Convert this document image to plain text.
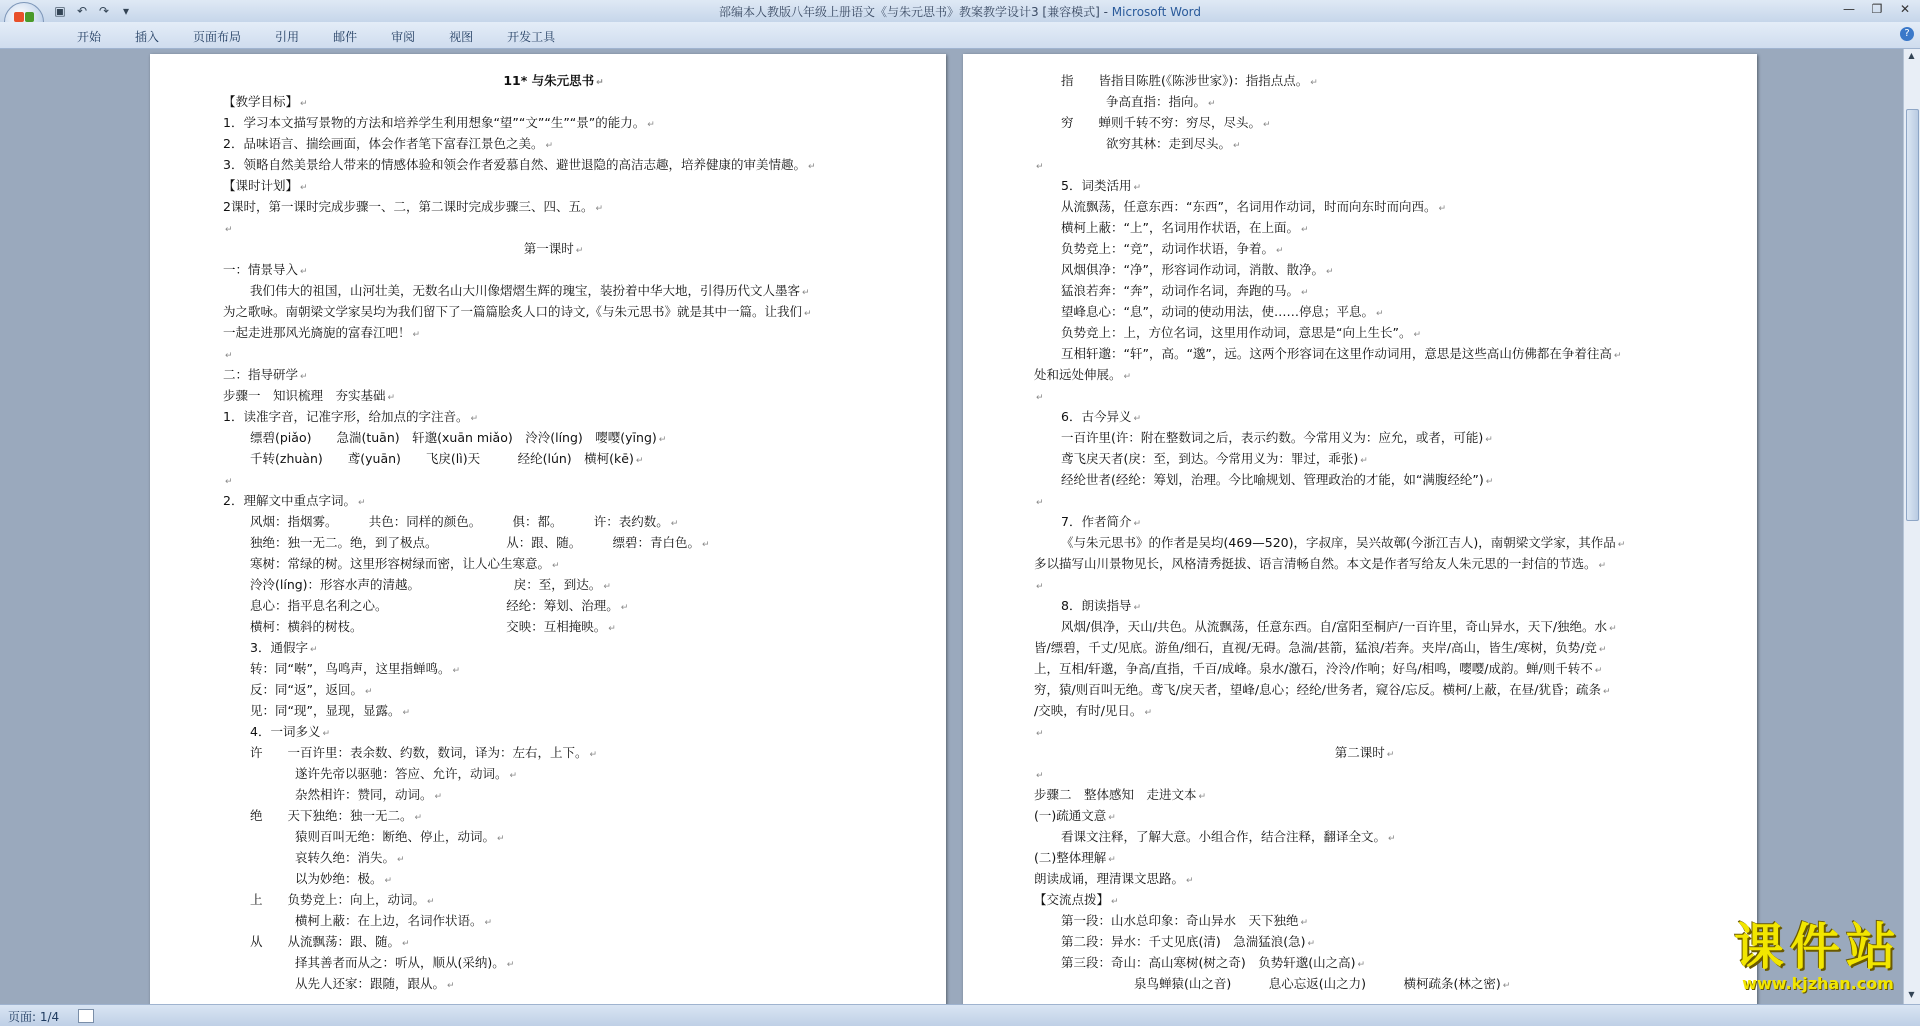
部编本人教版八年级上册语文《与朱元思书》教案教学设计3 [兼容模式] - Microsoft Word
▣ ↶ ↷	▾	— ❐ ✕
开始	插入	页面布局	引用	邮件	审阅	视图	开发工具	?
11* 与朱元思书 ↵
【教学目标】 ↵
1．学习本文描写景物的方法和培养学生利用想象“望”“文”“生”“景”的能力。 ↵
2．品味语言、揣绘画面，体会作者笔下富春江景色之美。 ↵
3．领略自然美景给人带来的情感体验和领会作者爱慕自然、避世退隐的高洁志趣，培养健康的审美情趣。 ↵
【课时计划】 ↵
2课时，第一课时完成步骤一、二，第二课时完成步骤三、四、五。 ↵
↵
第一课时 ↵
一：情景导入 ↵
我们伟大的祖国，山河壮美，无数名山大川像熠熠生辉的瑰宝，装扮着中华大地，引得历代文人墨客 ↵
为之歌咏。南朝梁文学家吴均为我们留下了一篇篇脍炙人口的诗文,《与朱元思书》就是其中一篇。让我们 ↵
一起走进那风光旖旎的富春江吧！ ↵
↵
二：指导研学 ↵
步骤一　知识梳理　夯实基础 ↵
1．读准字音，记准字形，给加点的字注音。 ↵
缥碧(piǎo)　　急湍(tuān)　轩邈(xuān miǎo)　泠泠(líng)　嘤嘤(yīng) ↵
千转(zhuàn)　　鸢(yuān)　　飞戾(lì)天　　　经纶(lún)　横柯(kē) ↵
↵
2．理解文中重点字词。 ↵
风烟：指烟雾。　　　共色：同样的颜色。　　　俱：都。　　　许：表约数。 ↵
独绝：独一无二。绝，到了极点。　　　　　　从：跟、随。　　　缥碧：青白色。 ↵
寒树：常绿的树。这里形容树绿而密，让人心生寒意。 ↵
泠泠(líng)：形容水声的清越。　　　　　　　　戾：至，到达。 ↵
息心：指平息名利之心。　　　　　　　　　　经纶：筹划、治理。 ↵
横柯：横斜的树枝。　　　　　　　　　　　　交映：互相掩映。 ↵
3．通假字 ↵
转：同“啭”，鸟鸣声，这里指蝉鸣。 ↵
反：同“返”，返回。 ↵
见：同“现”，显现，显露。 ↵
4．一词多义 ↵
许　　一百许里：表余数、约数，数词，译为：左右，上下。 ↵
遂许先帝以驱驰：答应、允许，动词。 ↵
杂然相许：赞同，动词。 ↵
绝　　天下独绝：独一无二。 ↵
猿则百叫无绝：断绝、停止，动词。 ↵
哀转久绝：消失。 ↵
以为妙绝：极。 ↵
上　　负势竞上：向上，动词。 ↵
横柯上蔽：在上边，名词作状语。 ↵
从　　从流飘荡：跟、随。 ↵
择其善者而从之：听从，顺从(采纳)。 ↵
从先人还家：跟随，跟从。 ↵
指　　皆指目陈胜(《陈涉世家》)：指指点点。 ↵
争高直指：指向。 ↵
穷　　蝉则千转不穷：穷尽，尽头。 ↵
欲穷其林：走到尽头。 ↵
↵
5．词类活用 ↵
从流飘荡，任意东西：“东西”，名词用作动词，时而向东时而向西。 ↵
横柯上蔽：“上”，名词用作状语，在上面。 ↵
负势竞上：“竞”，动词作状语，争着。 ↵
风烟俱净：“净”，形容词作动词，消散、散净。 ↵
猛浪若奔：“奔”，动词作名词，奔跑的马。 ↵
望峰息心：“息”，动词的使动用法，使……停息；平息。 ↵
负势竞上：上，方位名词，这里用作动词，意思是“向上生长”。 ↵
互相轩邈：“轩”，高。“邈”，远。这两个形容词在这里作动词用，意思是这些高山仿佛都在争着往高 ↵
处和远处伸展。 ↵
↵
6．古今异义 ↵
一百许里(许：附在整数词之后，表示约数。今常用义为：应允，或者，可能) ↵
鸢飞戾天者(戾：至，到达。今常用义为：罪过，乖张) ↵
经纶世者(经纶：筹划，治理。今比喻规划、管理政治的才能，如“满腹经纶”) ↵
↵
7．作者简介 ↵
《与朱元思书》的作者是吴均(469—520)，字叔庠，吴兴故鄣(今浙江吉人)，南朝梁文学家，其作品 ↵
多以描写山川景物见长，风格清秀挺拔、语言清畅自然。本文是作者写给友人朱元思的一封信的节选。 ↵
↵
8．朗读指导 ↵
风烟/俱净，天山/共色。从流飘荡，任意东西。自/富阳至桐庐/一百许里，奇山异水，天下/独绝。水 ↵
皆/缥碧，千丈/见底。游鱼/细石，直视/无碍。急湍/甚箭，猛浪/若奔。夹岸/高山，皆生/寒树，负势/竞 ↵
上，互相/轩邈，争高/直指，千百/成峰。泉水/激石，泠泠/作响；好鸟/相鸣，嘤嘤/成韵。蝉/则千转不 ↵
穷，猿/则百叫无绝。鸢飞/戾天者，望峰/息心；经纶/世务者，窥谷/忘反。横柯/上蔽，在昼/犹昏；疏条 ↵
/交映，有时/见日。 ↵
↵
第二课时 ↵
↵
步骤二　整体感知　走进文本 ↵
(一)疏通文意 ↵
看课文注释，了解大意。小组合作，结合注释，翻译全文。 ↵
(二)整体理解 ↵
朗读成诵，理清课文思路。 ↵
【交流点拨】 ↵
第一段：山水总印象：奇山异水　天下独绝 ↵
第二段：异水：千丈见底(清)　急湍猛浪(急) ↵
第三段：奇山：高山寒树(树之奇)　负势轩邈(山之高) ↵
泉鸟蝉猿(山之音)　　　息心忘返(山之力)　　　横柯疏条(林之密) ↵
▲
▼
页面: 1/4
课件站
www.kjzhan.com
